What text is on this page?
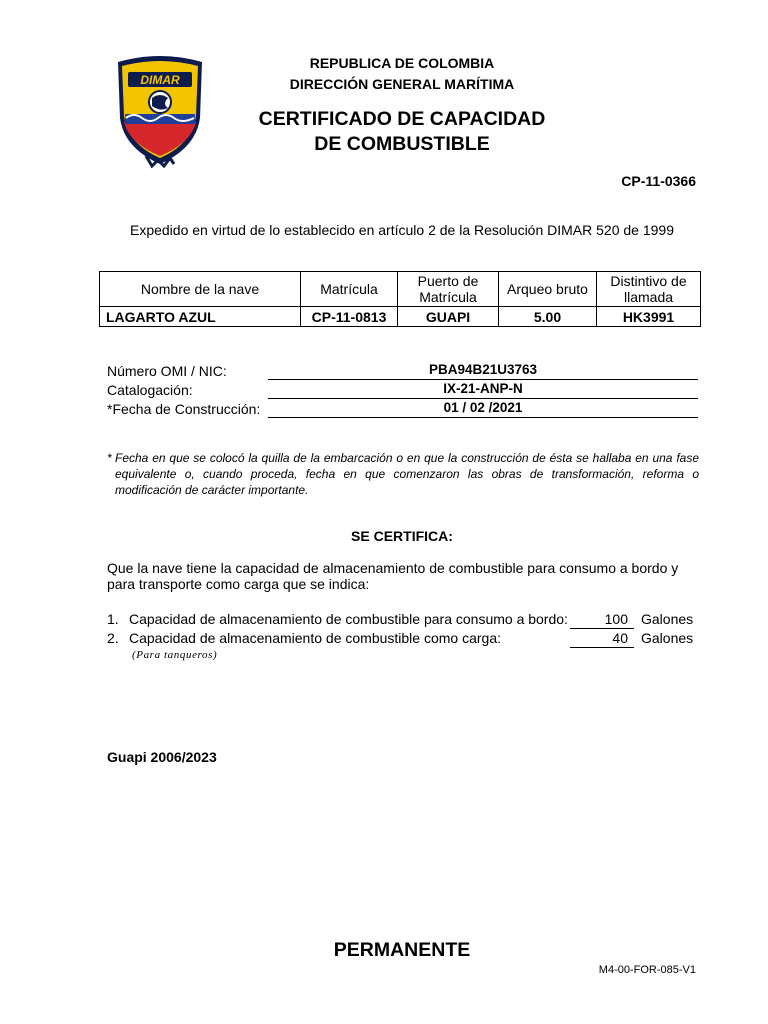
DIMAR
REPUBLICA DE COLOMBIA
DIRECCIÓN GENERAL MARÍTIMA
CERTIFICADO DE CAPACIDAD
DE COMBUSTIBLE
CP-11-0366
Expedido en virtud de lo establecido en artículo 2 de la Resolución DIMAR 520 de 1999
Nombre de la nave	Matrícula	Puerto de Matrícula	Arqueo bruto	Distintivo de llamada
LAGARTO AZUL	CP-11-0813	GUAPI	5.00	HK3991
Número OMI / NIC:	PBA94B21U3763
Catalogación:	IX-21-ANP-N
*Fecha de Construcción:	01 / 02 /2021
* Fecha en que se colocó la quilla de la embarcación o en que la construcción de ésta se hallaba en una fase equivalente o, cuando proceda, fecha en que comenzaron las obras de transformación, reforma o modificación de carácter importante.
SE CERTIFICA:
Que la nave tiene la capacidad de almacenamiento de combustible para consumo a bordo y para transporte como carga que se indica:
1. Capacidad de almacenamiento de combustible para consumo a bordo:	100 Galones
2. Capacidad de almacenamiento de combustible como carga:	40 Galones
(Para tanqueros)
Guapi 2006/2023
PERMANENTE
M4-00-FOR-085-V1
